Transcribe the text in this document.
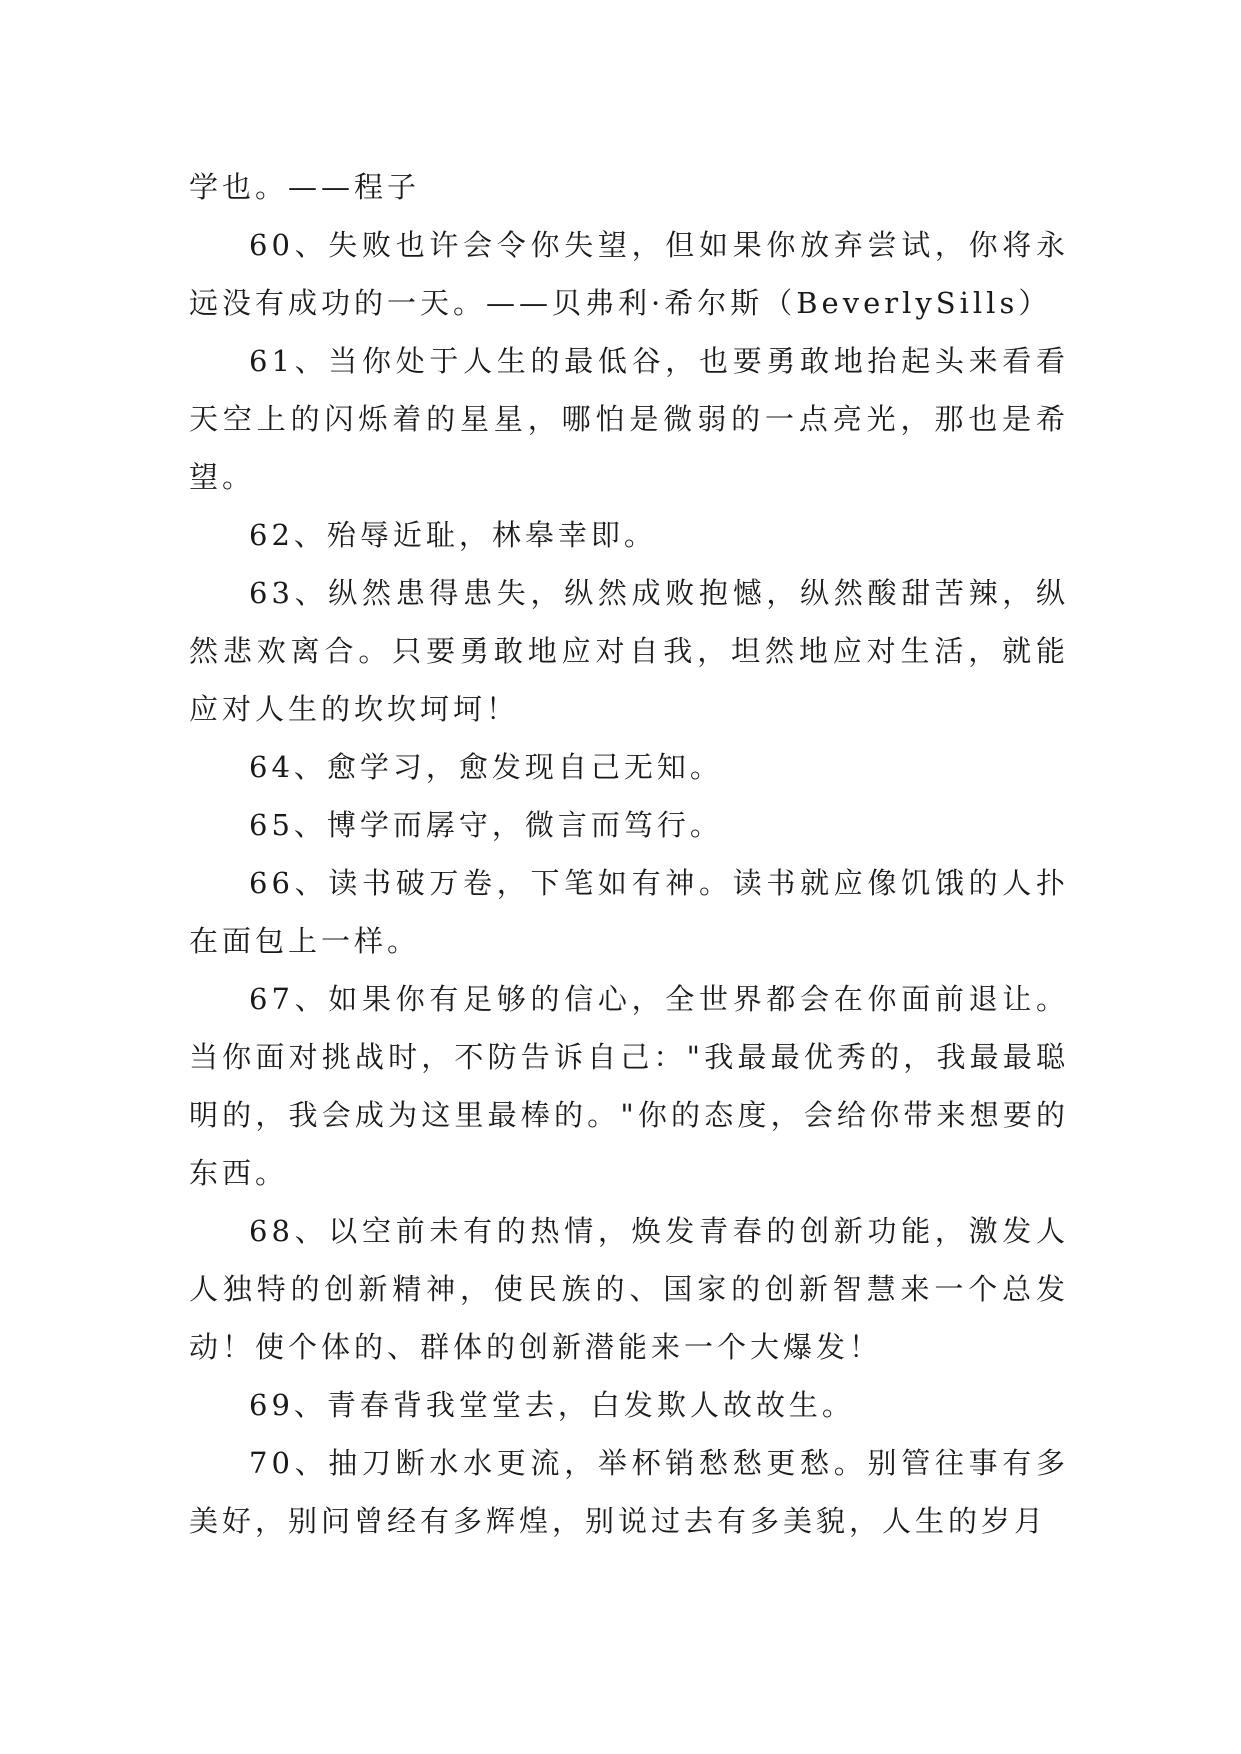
学也。——程子

60、失败也许会令你失望，但如果你放弃尝试，你将永远没有成功的一天。——贝弗利·希尔斯（BeverlySills）

61、当你处于人生的最低谷，也要勇敢地抬起头来看看天空上的闪烁着的星星，哪怕是微弱的一点亮光，那也是希望。

62、殆辱近耻，林皋幸即。

63、纵然患得患失，纵然成败抱憾，纵然酸甜苦辣，纵然悲欢离合。只要勇敢地应对自我，坦然地应对生活，就能应对人生的坎坎坷坷！

64、愈学习，愈发现自己无知。

65、博学而孱守，微言而笃行。

66、读书破万卷，下笔如有神。读书就应像饥饿的人扑在面包上一样。

67、如果你有足够的信心，全世界都会在你面前退让。当你面对挑战时，不防告诉自己："我最最优秀的，我最最聪明的，我会成为这里最棒的。"你的态度，会给你带来想要的东西。

68、以空前未有的热情，焕发青春的创新功能，激发人人独特的创新精神，使民族的、国家的创新智慧来一个总发动！使个体的、群体的创新潜能来一个大爆发！

69、青春背我堂堂去，白发欺人故故生。

70、抽刀断水水更流，举杯销愁愁更愁。别管往事有多美好，别问曾经有多辉煌，别说过去有多美貌，人生的岁月
